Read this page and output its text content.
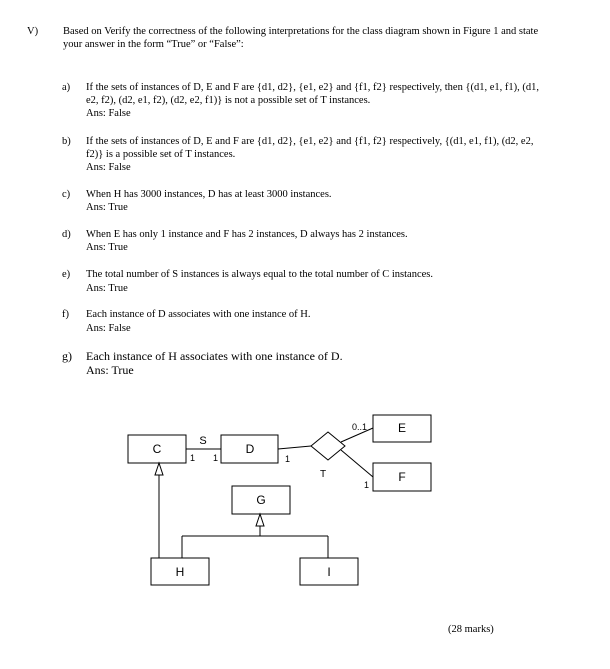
V) Based on Verify the correctness of the following interpretations for the class diagram shown in Figure 1 and state
your answer in the form “True” or “False”:
a) If the sets of instances of D, E and F are {d1, d2}, {e1, e2} and {f1, f2} respectively, then {(d1, e1, f1), (d1,
e2, f2), (d2, e1, f2), (d2, e2, f1)} is not a possible set of T instances.
Ans: False
b) If the sets of instances of D, E and F are {d1, d2}, {e1, e2} and {f1, f2} respectively, {(d1, e1, f1), (d2, e2,
f2)} is a possible set of T instances.
Ans: False
c) When H has 3000 instances, D has at least 3000 instances.
Ans: True
d) When E has only 1 instance and F has 2 instances, D always has 2 instances.
Ans: True
e) The total number of S instances is always equal to the total number of C instances.
Ans: True
f) Each instance of D associates with one instance of H.
Ans: False
g) Each instance of H associates with one instance of D.
Ans: True
C	D
E
F
G
H	I
S
T
1 1	1
0..1
1
(28 marks)
